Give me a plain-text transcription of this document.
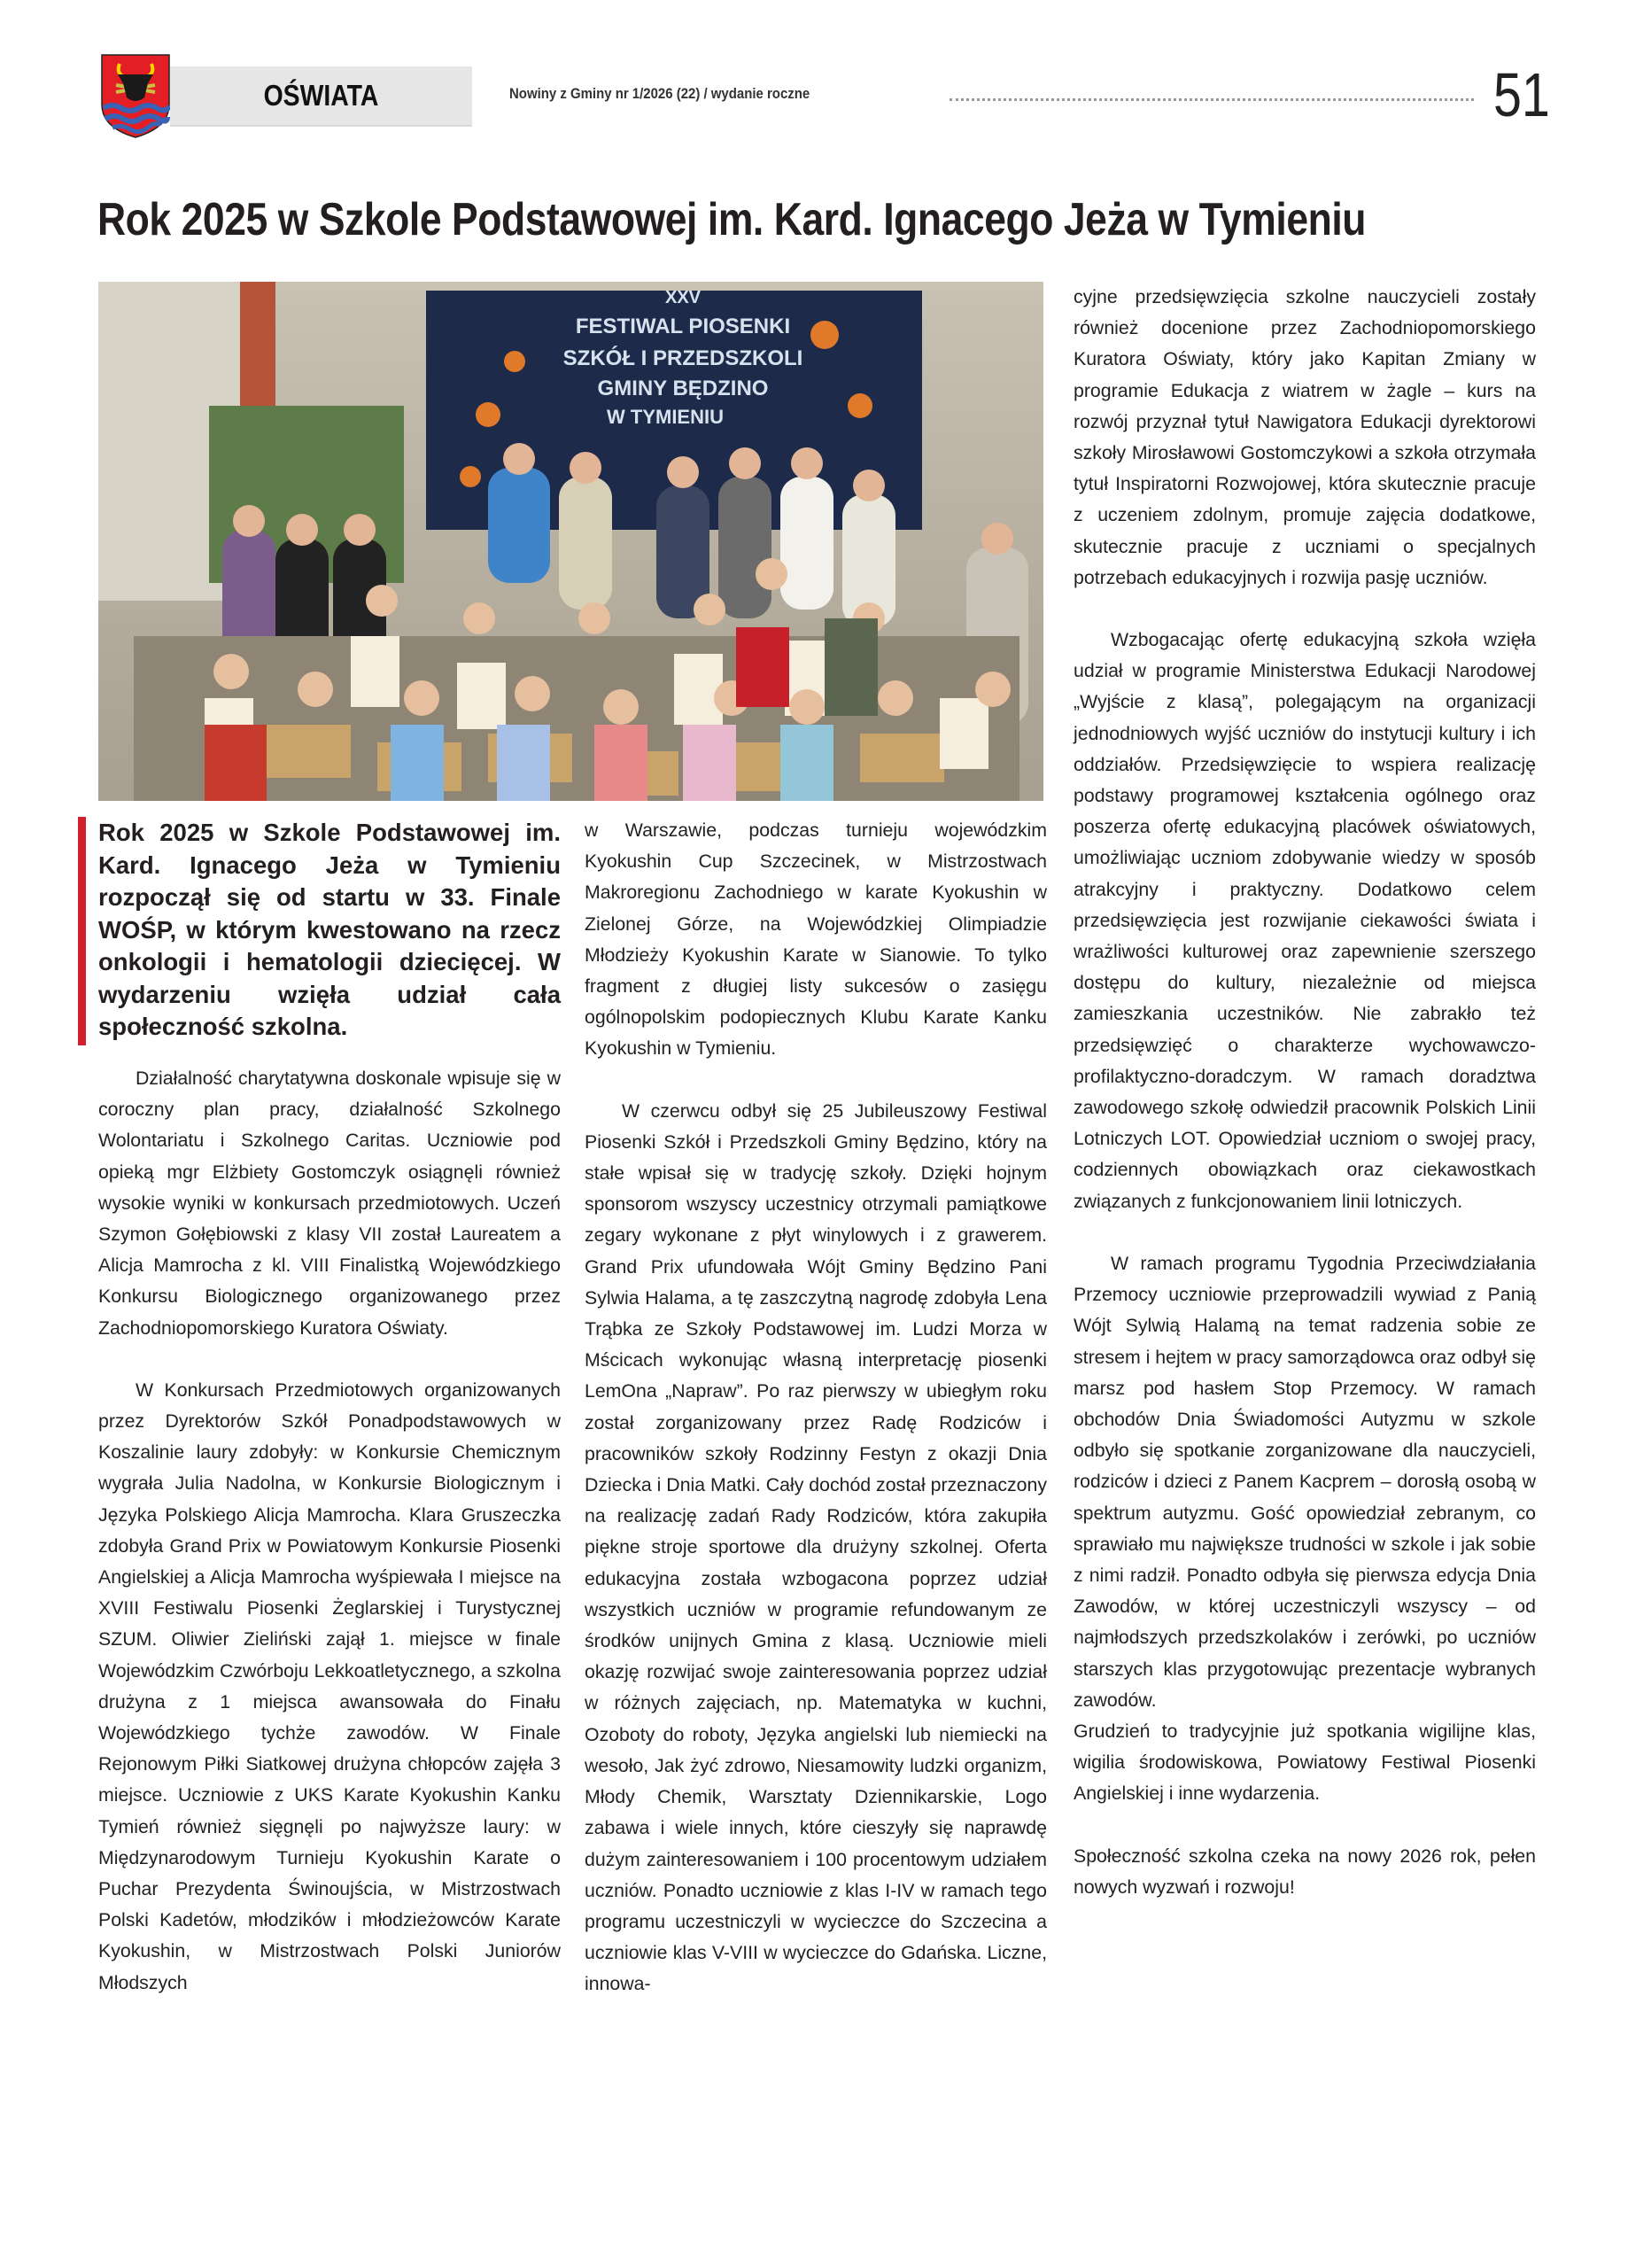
OŚWIATA	Nowiny z Gminy nr 1/2026 (22) / wydanie roczne	51
Rok 2025 w Szkole Podstawowej im. Kard. Ignacego Jeża w Tymieniu
XXV
FESTIWAL PIOSENKI
SZKÓŁ I PRZEDSZKOLI
GMINY BĘDZINO
W TYMIENIU
Rok 2025 w Szkole Podstawowej im. Kard. Ignacego Jeża w Tymieniu rozpoczął się od startu w 33. Finale WOŚP, w którym kwestowano na rzecz onkologii i hematologii dziecięcej. W wydarzeniu wzięła udział cała społeczność szkolna.

Działalność charytatywna doskonale wpisuje się w coroczny plan pracy, działalność Szkolnego Wolontariatu i Szkolnego Caritas. Uczniowie pod opieką mgr Elżbiety Gostomczyk osiągnęli również wysokie wyniki w konkursach przedmiotowych. Uczeń Szymon Gołębiowski z klasy VII został Laureatem a Alicja Mamrocha z kl. VIII Finalistką Wojewódzkiego Konkursu Biologicznego organizowanego przez Zachodniopomorskiego Kuratora Oświaty.

W Konkursach Przedmiotowych organizowanych przez Dyrektorów Szkół Ponadpodstawowych w Koszalinie laury zdobyły: w Konkursie Chemicznym wygrała Julia Nadolna, w Konkursie Biologicznym i Języka Polskiego Alicja Mamrocha. Klara Gruszeczka zdobyła Grand Prix w Powiatowym Konkursie Piosenki Angielskiej a Alicja Mamrocha wyśpiewała I miejsce na XVIII Festiwalu Piosenki Żeglarskiej i Turystycznej SZUM. Oliwier Zieliński zajął 1. miejsce w finale Wojewódzkim Czwórboju Lekkoatletycznego, a szkolna drużyna z 1 miejsca awansowała do Finału Wojewódzkiego tychże zawodów. W Finale Rejonowym Piłki Siatkowej drużyna chłopców zajęła 3 miejsce. Uczniowie z UKS Karate Kyokushin Kanku Tymień również sięgnęli po najwyższe laury: w Międzynarodowym Turnieju Kyokushin Karate o Puchar Prezydenta Świnoujścia, w Mistrzostwach Polski Kadetów, młodzików i młodzieżowców Karate Kyokushin, w Mistrzostwach Polski Juniorów Młodszych

w Warszawie, podczas turnieju wojewódzkim Kyokushin Cup Szczecinek, w Mistrzostwach Makroregionu Zachodniego w karate Kyokushin w Zielonej Górze, na Wojewódzkiej Olimpiadzie Młodzieży Kyokushin Karate w Sianowie. To tylko fragment z długiej listy sukcesów o zasięgu ogólnopolskim podopiecznych Klubu Karate Kanku Kyokushin w Tymieniu.

W czerwcu odbył się 25 Jubileuszowy Festiwal Piosenki Szkół i Przedszkoli Gminy Będzino, który na stałe wpisał się w tradycję szkoły. Dzięki hojnym sponsorom wszyscy uczestnicy otrzymali pamiątkowe zegary wykonane z płyt winylowych i z grawerem. Grand Prix ufundowała Wójt Gminy Będzino Pani Sylwia Halama, a tę zaszczytną nagrodę zdobyła Lena Trąbka ze Szkoły Podstawowej im. Ludzi Morza w Mścicach wykonując własną interpretację piosenki LemOna „Napraw”. Po raz pierwszy w ubiegłym roku został zorganizowany przez Radę Rodziców i pracowników szkoły Rodzinny Festyn z okazji Dnia Dziecka i Dnia Matki. Cały dochód został przeznaczony na realizację zadań Rady Rodziców, która zakupiła piękne stroje sportowe dla drużyny szkolnej. Oferta edukacyjna została wzbogacona poprzez udział wszystkich uczniów w programie refundowanym ze środków unijnych Gmina z klasą. Uczniowie mieli okazję rozwijać swoje zainteresowania poprzez udział w różnych zajęciach, np. Matematyka w kuchni, Ozoboty do roboty, Języka angielski lub niemiecki na wesoło, Jak żyć zdrowo, Niesamowity ludzki organizm, Młody Chemik, Warsztaty Dziennikarskie, Logo zabawa i wiele innych, które cieszyły się naprawdę dużym zainteresowaniem i 100 procentowym udziałem uczniów. Ponadto uczniowie z klas I-IV w ramach tego programu uczestniczyli w wycieczce do Szczecina a uczniowie klas V-VIII w wycieczce do Gdańska. Liczne, innowa-

cyjne przedsięwzięcia szkolne nauczycieli zostały również docenione przez Zachodniopomorskiego Kuratora Oświaty, który jako Kapitan Zmiany w programie Edukacja z wiatrem w żagle – kurs na rozwój przyznał tytuł Nawigatora Edukacji dyrektorowi szkoły Mirosławowi Gostomczykowi a szkoła otrzymała tytuł Inspiratorni Rozwojowej, która skutecznie pracuje z uczeniem zdolnym, promuje zajęcia dodatkowe, skutecznie pracuje z uczniami o specjalnych potrzebach edukacyjnych i rozwija pasję uczniów.

Wzbogacając ofertę edukacyjną szkoła wzięła udział w programie Ministerstwa Edukacji Narodowej „Wyjście z klasą”, polegającym na organizacji jednodniowych wyjść uczniów do instytucji kultury i ich oddziałów. Przedsięwzięcie to wspiera realizację podstawy programowej kształcenia ogólnego oraz poszerza ofertę edukacyjną placówek oświatowych, umożliwiając uczniom zdobywanie wiedzy w sposób atrakcyjny i praktyczny. Dodatkowo celem przedsięwzięcia jest rozwijanie ciekawości świata i wrażliwości kulturowej oraz zapewnienie szerszego dostępu do kultury, niezależnie od miejsca zamieszkania uczestników. Nie zabrakło też przedsięwzięć o charakterze wychowawczo-profilaktyczno-doradczym. W ramach doradztwa zawodowego szkołę odwiedził pracownik Polskich Linii Lotniczych LOT. Opowiedział uczniom o swojej pracy, codziennych obowiązkach oraz ciekawostkach związanych z funkcjonowaniem linii lotniczych.

W ramach programu Tygodnia Przeciwdziałania Przemocy uczniowie przeprowadzili wywiad z Panią Wójt Sylwią Halamą na temat radzenia sobie ze stresem i hejtem w pracy samorządowca oraz odbył się marsz pod hasłem Stop Przemocy. W ramach obchodów Dnia Świadomości Autyzmu w szkole odbyło się spotkanie zorganizowane dla nauczycieli, rodziców i dzieci z Panem Kacprem – dorosłą osobą w spektrum autyzmu. Gość opowiedział zebranym, co sprawiało mu największe trudności w szkole i jak sobie z nimi radził. Ponadto odbyła się pierwsza edycja Dnia Zawodów, w której uczestniczyli wszyscy – od najmłodszych przedszkolaków i zerówki, po uczniów starszych klas przygotowując prezentacje wybranych zawodów.

Grudzień to tradycyjnie już spotkania wigilijne klas, wigilia środowiskowa, Powiatowy Festiwal Piosenki Angielskiej i inne wydarzenia.

Społeczność szkolna czeka na nowy 2026 rok, pełen nowych wyzwań i rozwoju!
